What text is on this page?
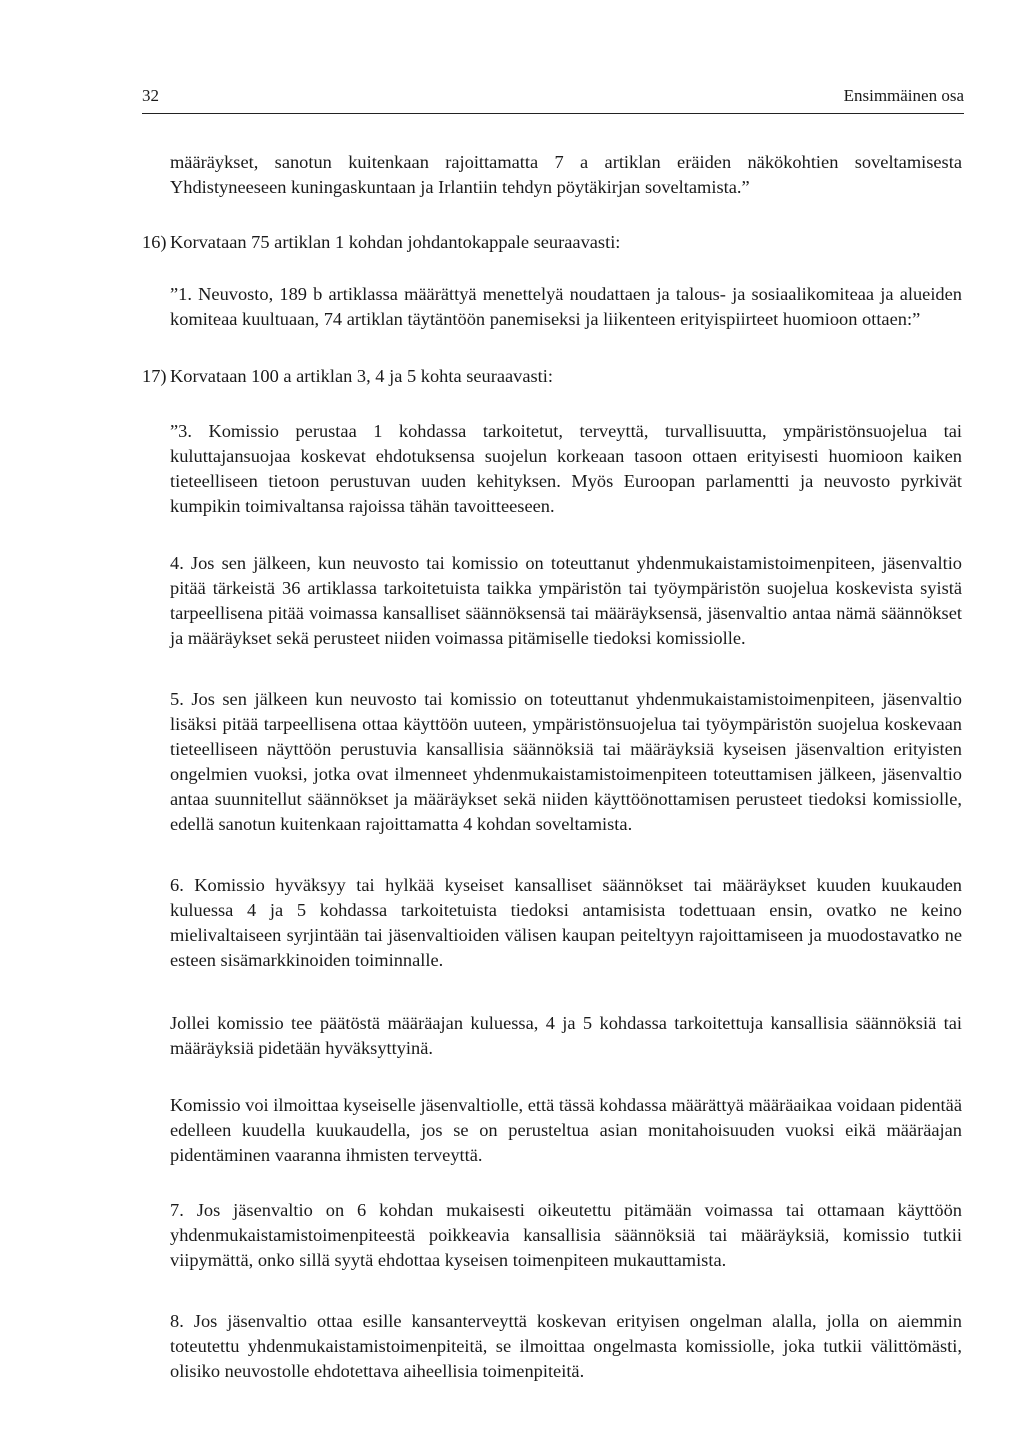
32	Ensimmäinen osa

määräykset, sanotun kuitenkaan rajoittamatta 7 a artiklan eräiden näkökohtien soveltamisesta Yhdistyneeseen kuningaskuntaan ja Irlantiin tehdyn pöytäkirjan soveltamista.”

16) Korvataan 75 artiklan 1 kohdan johdantokappale seuraavasti:

”1. Neuvosto, 189 b artiklassa määrättyä menettelyä noudattaen ja talous- ja sosiaalikomiteaa ja alueiden komiteaa kuultuaan, 74 artiklan täytäntöön panemiseksi ja liikenteen erityispiirteet huomioon ottaen:”

17) Korvataan 100 a artiklan 3, 4 ja 5 kohta seuraavasti:

”3. Komissio perustaa 1 kohdassa tarkoitetut, terveyttä, turvallisuutta, ympäristönsuojelua tai kuluttajansuojaa koskevat ehdotuksensa suojelun korkeaan tasoon ottaen erityisesti huomioon kaiken tieteelliseen tietoon perustuvan uuden kehityksen. Myös Euroopan parlamentti ja neuvosto pyrkivät kumpikin toimivaltansa rajoissa tähän tavoitteeseen.

4. Jos sen jälkeen, kun neuvosto tai komissio on toteuttanut yhdenmukaistamistoimenpiteen, jäsenvaltio pitää tärkeistä 36 artiklassa tarkoitetuista taikka ympäristön tai työympäristön suojelua koskevista syistä tarpeellisena pitää voimassa kansalliset säännöksensä tai määräyksensä, jäsenvaltio antaa nämä säännökset ja määräykset sekä perusteet niiden voimassa pitämiselle tiedoksi komissiolle.

5. Jos sen jälkeen kun neuvosto tai komissio on toteuttanut yhdenmukaistamistoimenpiteen, jäsenvaltio lisäksi pitää tarpeellisena ottaa käyttöön uuteen, ympäristönsuojelua tai työympäristön suojelua koskevaan tieteelliseen näyttöön perustuvia kansallisia säännöksiä tai määräyksiä kyseisen jäsenvaltion erityisten ongelmien vuoksi, jotka ovat ilmenneet yhdenmukaistamistoimenpiteen toteuttamisen jälkeen, jäsenvaltio antaa suunnitellut säännökset ja määräykset sekä niiden käyttöönottamisen perusteet tiedoksi komissiolle, edellä sanotun kuitenkaan rajoittamatta 4 kohdan soveltamista.

6. Komissio hyväksyy tai hylkää kyseiset kansalliset säännökset tai määräykset kuuden kuukauden kuluessa 4 ja 5 kohdassa tarkoitetuista tiedoksi antamisista todettuaan ensin, ovatko ne keino mielivaltaiseen syrjintään tai jäsenvaltioiden välisen kaupan peiteltyyn rajoittamiseen ja muodostavatko ne esteen sisämarkkinoiden toiminnalle.

Jollei komissio tee päätöstä määräajan kuluessa, 4 ja 5 kohdassa tarkoitettuja kansallisia säännöksiä tai määräyksiä pidetään hyväksyttyinä.

Komissio voi ilmoittaa kyseiselle jäsenvaltiolle, että tässä kohdassa määrättyä määräaikaa voidaan pidentää edelleen kuudella kuukaudella, jos se on perusteltua asian monitahoisuuden vuoksi eikä määräajan pidentäminen vaaranna ihmisten terveyttä.

7. Jos jäsenvaltio on 6 kohdan mukaisesti oikeutettu pitämään voimassa tai ottamaan käyttöön yhdenmukaistamistoimenpiteestä poikkeavia kansallisia säännöksiä tai määräyksiä, komissio tutkii viipymättä, onko sillä syytä ehdottaa kyseisen toimenpiteen mukauttamista.

8. Jos jäsenvaltio ottaa esille kansanterveyttä koskevan erityisen ongelman alalla, jolla on aiemmin toteutettu yhdenmukaistamistoimenpiteitä, se ilmoittaa ongelmasta komissiolle, joka tutkii välittömästi, olisiko neuvostolle ehdotettava aiheellisia toimenpiteitä.
